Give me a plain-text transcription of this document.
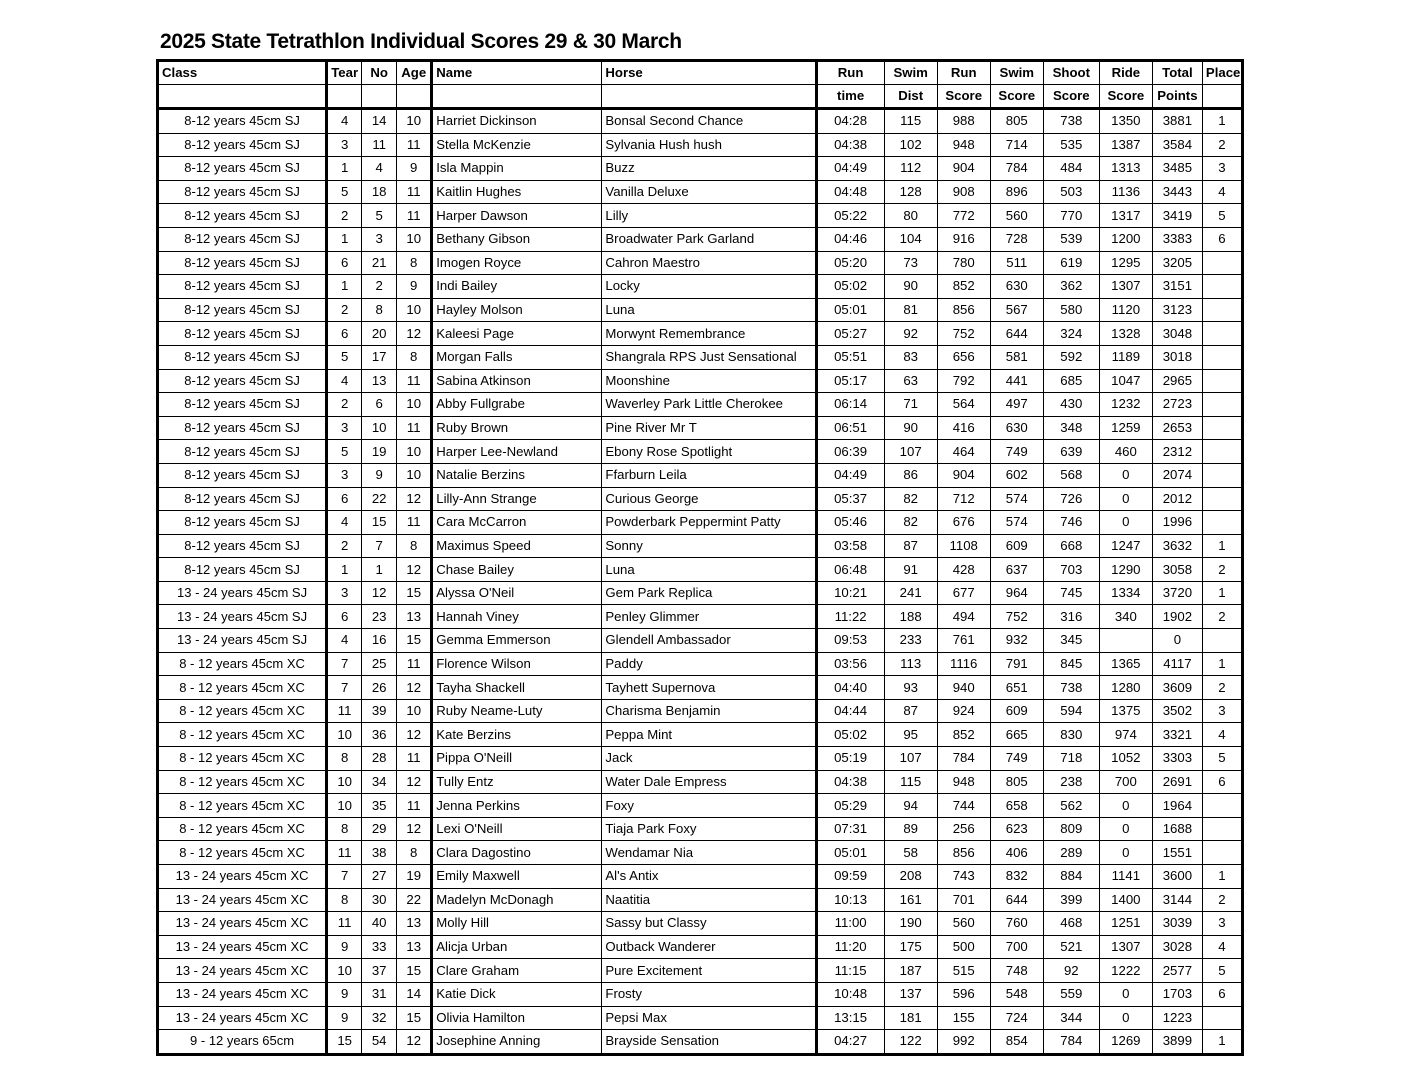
2025 State Tetrathlon Individual Scores 29 & 30 March
Class	Tear	No	Age	Name	Horse	Run	Swim	Run	Swim	Shoot	Ride	Total	Place
						time	Dist	Score	Score	Score	Score	Points	
8-12 years 45cm SJ	4	14	10	Harriet Dickinson	Bonsal Second Chance	04:28	115	988	805	738	1350	3881	1
8-12 years 45cm SJ	3	11	11	Stella McKenzie	Sylvania Hush hush	04:38	102	948	714	535	1387	3584	2
8-12 years 45cm SJ	1	4	9	Isla Mappin	Buzz	04:49	112	904	784	484	1313	3485	3
8-12 years 45cm SJ	5	18	11	Kaitlin Hughes	Vanilla Deluxe	04:48	128	908	896	503	1136	3443	4
8-12 years 45cm SJ	2	5	11	Harper Dawson	Lilly	05:22	80	772	560	770	1317	3419	5
8-12 years 45cm SJ	1	3	10	Bethany Gibson	Broadwater Park Garland	04:46	104	916	728	539	1200	3383	6
8-12 years 45cm SJ	6	21	8	Imogen Royce	Cahron Maestro	05:20	73	780	511	619	1295	3205	
8-12 years 45cm SJ	1	2	9	Indi Bailey	Locky	05:02	90	852	630	362	1307	3151	
8-12 years 45cm SJ	2	8	10	Hayley Molson	Luna	05:01	81	856	567	580	1120	3123	
8-12 years 45cm SJ	6	20	12	Kaleesi Page	Morwynt Remembrance	05:27	92	752	644	324	1328	3048	
8-12 years 45cm SJ	5	17	8	Morgan Falls	Shangrala RPS Just Sensational	05:51	83	656	581	592	1189	3018	
8-12 years 45cm SJ	4	13	11	Sabina Atkinson	Moonshine	05:17	63	792	441	685	1047	2965	
8-12 years 45cm SJ	2	6	10	Abby Fullgrabe	Waverley Park Little Cherokee	06:14	71	564	497	430	1232	2723	
8-12 years 45cm SJ	3	10	11	Ruby Brown	Pine River Mr T	06:51	90	416	630	348	1259	2653	
8-12 years 45cm SJ	5	19	10	Harper Lee-Newland	Ebony Rose Spotlight	06:39	107	464	749	639	460	2312	
8-12 years 45cm SJ	3	9	10	Natalie Berzins	Ffarburn Leila	04:49	86	904	602	568	0	2074	
8-12 years 45cm SJ	6	22	12	Lilly-Ann Strange	Curious George	05:37	82	712	574	726	0	2012	
8-12 years 45cm SJ	4	15	11	Cara McCarron	Powderbark Peppermint Patty	05:46	82	676	574	746	0	1996	
8-12 years 45cm SJ	2	7	8	Maximus Speed	Sonny	03:58	87	1108	609	668	1247	3632	1
8-12 years 45cm SJ	1	1	12	Chase Bailey	Luna	06:48	91	428	637	703	1290	3058	2
13 - 24 years 45cm SJ	3	12	15	Alyssa O'Neil	Gem Park Replica	10:21	241	677	964	745	1334	3720	1
13 - 24 years 45cm SJ	6	23	13	Hannah Viney	Penley Glimmer	11:22	188	494	752	316	340	1902	2
13 - 24 years 45cm SJ	4	16	15	Gemma Emmerson	Glendell Ambassador	09:53	233	761	932	345		0	
8 - 12 years 45cm XC	7	25	11	Florence Wilson	Paddy	03:56	113	1116	791	845	1365	4117	1
8 - 12 years 45cm XC	7	26	12	Tayha Shackell	Tayhett Supernova	04:40	93	940	651	738	1280	3609	2
8 - 12 years 45cm XC	11	39	10	Ruby Neame-Luty	Charisma Benjamin	04:44	87	924	609	594	1375	3502	3
8 - 12 years 45cm XC	10	36	12	Kate Berzins	Peppa Mint	05:02	95	852	665	830	974	3321	4
8 - 12 years 45cm XC	8	28	11	Pippa O'Neill	Jack	05:19	107	784	749	718	1052	3303	5
8 - 12 years 45cm XC	10	34	12	Tully Entz	Water Dale Empress	04:38	115	948	805	238	700	2691	6
8 - 12 years 45cm XC	10	35	11	Jenna Perkins	Foxy	05:29	94	744	658	562	0	1964	
8 - 12 years 45cm XC	8	29	12	Lexi O'Neill	Tiaja Park Foxy	07:31	89	256	623	809	0	1688	
8 - 12 years 45cm XC	11	38	8	Clara Dagostino	Wendamar Nia	05:01	58	856	406	289	0	1551	
13 - 24 years 45cm XC	7	27	19	Emily Maxwell	Al's Antix	09:59	208	743	832	884	1141	3600	1
13 - 24 years 45cm XC	8	30	22	Madelyn McDonagh	Naatitia	10:13	161	701	644	399	1400	3144	2
13 - 24 years 45cm XC	11	40	13	Molly Hill	Sassy but Classy	11:00	190	560	760	468	1251	3039	3
13 - 24 years 45cm XC	9	33	13	Alicja Urban	Outback Wanderer	11:20	175	500	700	521	1307	3028	4
13 - 24 years 45cm XC	10	37	15	Clare Graham	Pure Excitement	11:15	187	515	748	92	1222	2577	5
13 - 24 years 45cm XC	9	31	14	Katie Dick	Frosty	10:48	137	596	548	559	0	1703	6
13 - 24 years 45cm XC	9	32	15	Olivia Hamilton	Pepsi Max	13:15	181	155	724	344	0	1223	
9 - 12 years 65cm	15	54	12	Josephine Anning	Brayside Sensation	04:27	122	992	854	784	1269	3899	1
